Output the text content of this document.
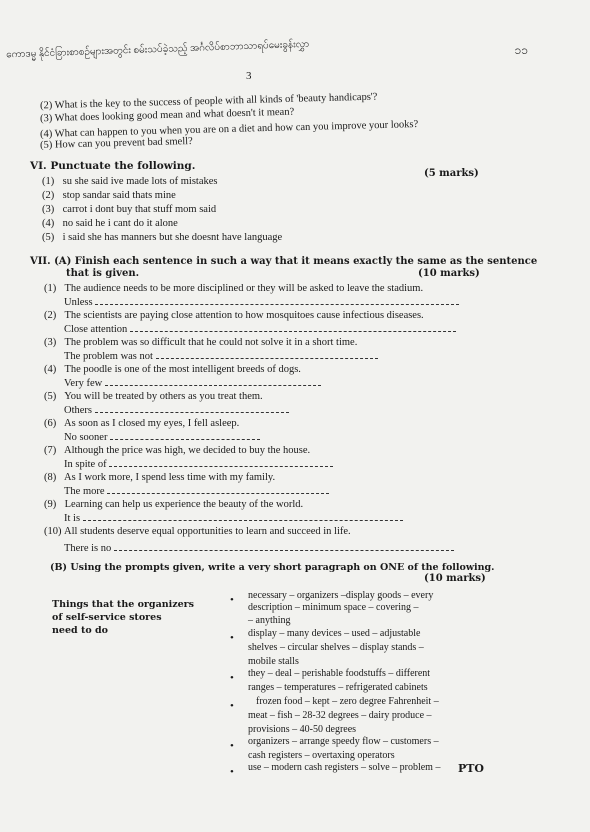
ကောဒမ္မ နိုင်ငံခြားစာစဉ်များအတွင်း စမ်းသပ်ခဲ့သည့် အင်္ဂလိပ်စာဘာသာရပ်မေးခွန်းလွှာ	၁၁
3
(2) What is the key to the success of people with all kinds of 'beauty handicaps'?
(3) What does looking good mean and what doesn't it mean?
(4) What can happen to you when you are on a diet and how can you improve your looks?
(5) How can you prevent bad smell?
VI. Punctuate the following.
(5 marks)
(1) su she said ive made lots of mistakes
(2) stop sandar said thats mine
(3) carrot i dont buy that stuff mom said
(4) no said he i cant do it alone
(5) i said she has manners but she doesnt have language
VII. (A) Finish each sentence in such a way that it means exactly the same as the sentence
that is given.	(10 marks)
(1) The audience needs to be more disciplined or they will be asked to leave the stadium.
Unless
(2) The scientists are paying close attention to how mosquitoes cause infectious diseases.
Close attention
(3) The problem was so difficult that he could not solve it in a short time.
The problem was not
(4) The poodle is one of the most intelligent breeds of dogs.
Very few
(5) You will be treated by others as you treat them.
Others
(6) As soon as I closed my eyes, I fell asleep.
No sooner
(7) Although the price was high, we decided to buy the house.
In spite of
(8) As I work more, I spend less time with my family.
The more
(9) Learning can help us experience the beauty of the world.
It is
(10) All students deserve equal opportunities to learn and succeed in life.
There is no
(B) Using the prompts given, write a very short paragraph on ONE of the following.
(10 marks)
Things that the organizers
of self-service stores
need to do
• necessary – organizers –display goods – every
description – minimum space – covering –
– anything
• display – many devices – used – adjustable
shelves – circular shelves – display stands –
mobile stalls
• they – deal – perishable foodstuffs – different
ranges – temperatures – refrigerated cabinets
• frozen food – kept – zero degree Fahrenheit –
meat – fish – 28-32 degrees – dairy produce –
provisions – 40-50 degrees
• organizers – arrange speedy flow – customers –
cash registers – overtaxing operators
• use – modern cash registers – solve – problem – PTO
